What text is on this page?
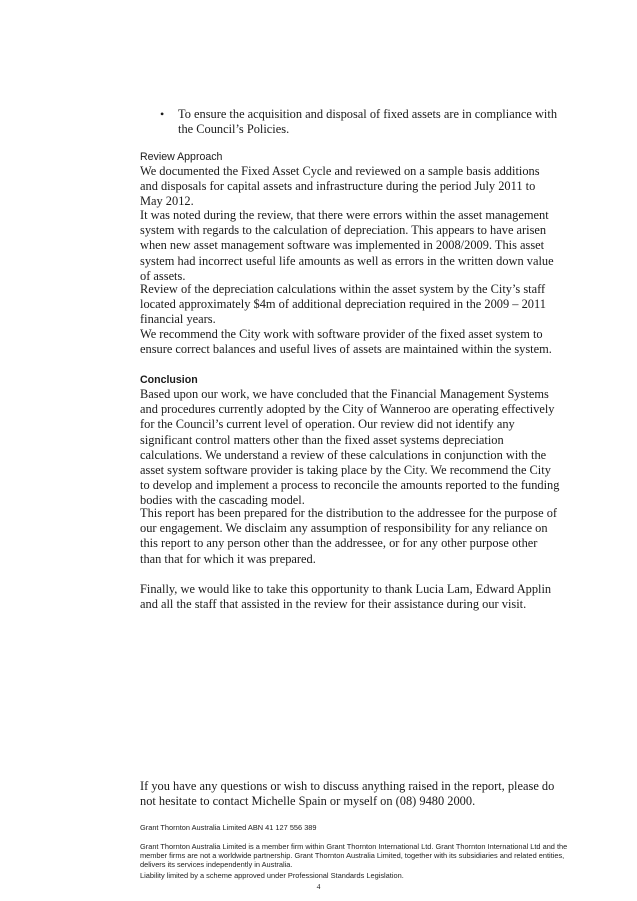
• To ensure the acquisition and disposal of fixed assets are in compliance with the Council’s Policies.

Review Approach

We documented the Fixed Asset Cycle and reviewed on a sample basis additions and disposals for capital assets and infrastructure during the period July 2011 to May 2012.

It was noted during the review, that there were errors within the asset management system with regards to the calculation of depreciation. This appears to have arisen when new asset management software was implemented in 2008/2009. This asset system had incorrect useful life amounts as well as errors in the written down value of assets.

Review of the depreciation calculations within the asset system by the City’s staff located approximately $4m of additional depreciation required in the 2009 – 2011 financial years.

We recommend the City work with software provider of the fixed asset system to ensure correct balances and useful lives of assets are maintained within the system.

Conclusion

Based upon our work, we have concluded that the Financial Management Systems and procedures currently adopted by the City of Wanneroo are operating effectively for the Council’s current level of operation. Our review did not identify any significant control matters other than the fixed asset systems depreciation calculations. We understand a review of these calculations in conjunction with the asset system software provider is taking place by the City. We recommend the City to develop and implement a process to reconcile the amounts reported to the funding bodies with the cascading model.

This report has been prepared for the distribution to the addressee for the purpose of our engagement. We disclaim any assumption of responsibility for any reliance on this report to any person other than the addressee, or for any other purpose other than that for which it was prepared.

Finally, we would like to take this opportunity to thank Lucia Lam, Edward Applin and all the staff that assisted in the review for their assistance during our visit.

If you have any questions or wish to discuss anything raised in the report, please do not hesitate to contact Michelle Spain or myself on (08) 9480 2000.

Grant Thornton Australia Limited ABN 41 127 556 389

Grant Thornton Australia Limited is a member firm within Grant Thornton International Ltd. Grant Thornton International Ltd and the member firms are not a worldwide partnership. Grant Thornton Australia Limited, together with its subsidiaries and related entities, delivers its services independently in Australia.

Liability limited by a scheme approved under Professional Standards Legislation.

4
